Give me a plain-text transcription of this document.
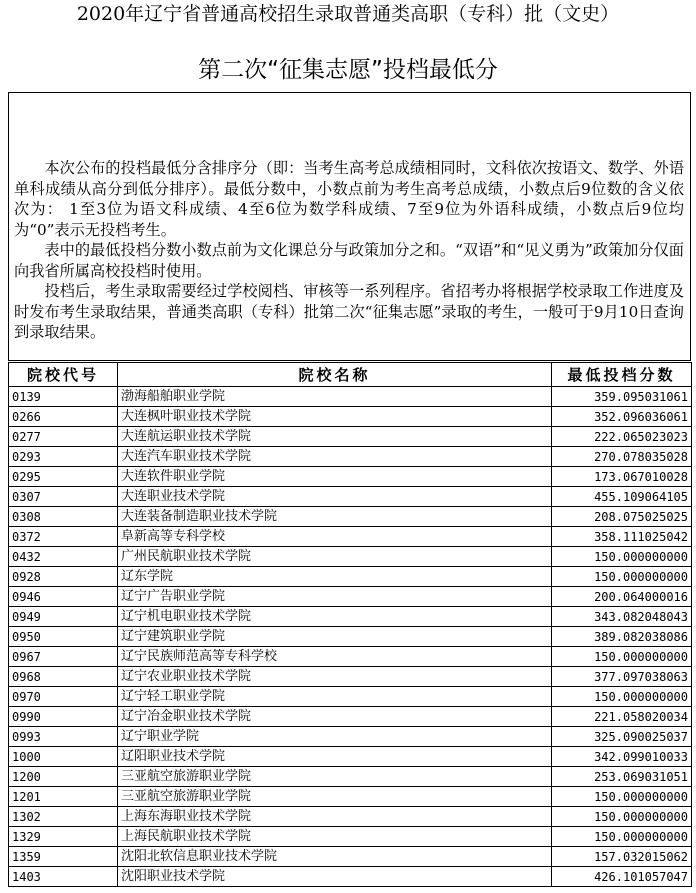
2020年辽宁省普通高校招生录取普通类高职（专科）批（文史）
第二次“征集志愿”投档最低分

本次公布的投档最低分含排序分（即：当考生高考总成绩相同时，文科依次按语文、数学、外语单科成绩从高分到低分排序）。最低分数中，小数点前为考生高考总成绩，小数点后9位数的含义依次为： 1至3位为语文科成绩、4至6位为数学科成绩、7至9位为外语科成绩，小数点后9位均为“0”表示无投档考生。

表中的最低投档分数小数点前为文化课总分与政策加分之和。“双语”和“见义勇为”政策加分仅面向我省所属高校投档时使用。

投档后，考生录取需要经过学校阅档、审核等一系列程序。省招考办将根据学校录取工作进度及时发布考生录取结果，普通类高职（专科）批第二次“征集志愿”录取的考生，一般可于9月10日查询到录取结果。

院校代号	院校名称	最低投档分数
0139	渤海船舶职业学院	359.095031061
0266	大连枫叶职业技术学院	352.096036061
0277	大连航运职业技术学院	222.065023023
0293	大连汽车职业技术学院	270.078035028
0295	大连软件职业学院	173.067010028
0307	大连职业技术学院	455.109064105
0308	大连装备制造职业技术学院	208.075025025
0372	阜新高等专科学校	358.111025042
0432	广州民航职业技术学院	150.000000000
0928	辽东学院	150.000000000
0946	辽宁广告职业学院	200.064000016
0949	辽宁机电职业技术学院	343.082048043
0950	辽宁建筑职业学院	389.082038086
0967	辽宁民族师范高等专科学校	150.000000000
0968	辽宁农业职业技术学院	377.097038063
0970	辽宁轻工职业学院	150.000000000
0990	辽宁冶金职业技术学院	221.058020034
0993	辽宁职业学院	325.090025037
1000	辽阳职业技术学院	342.099010033
1200	三亚航空旅游职业学院	253.069031051
1201	三亚航空旅游职业学院	150.000000000
1302	上海东海职业技术学院	150.000000000
1329	上海民航职业技术学院	150.000000000
1359	沈阳北软信息职业技术学院	157.032015062
1403	沈阳职业技术学院	426.101057047
